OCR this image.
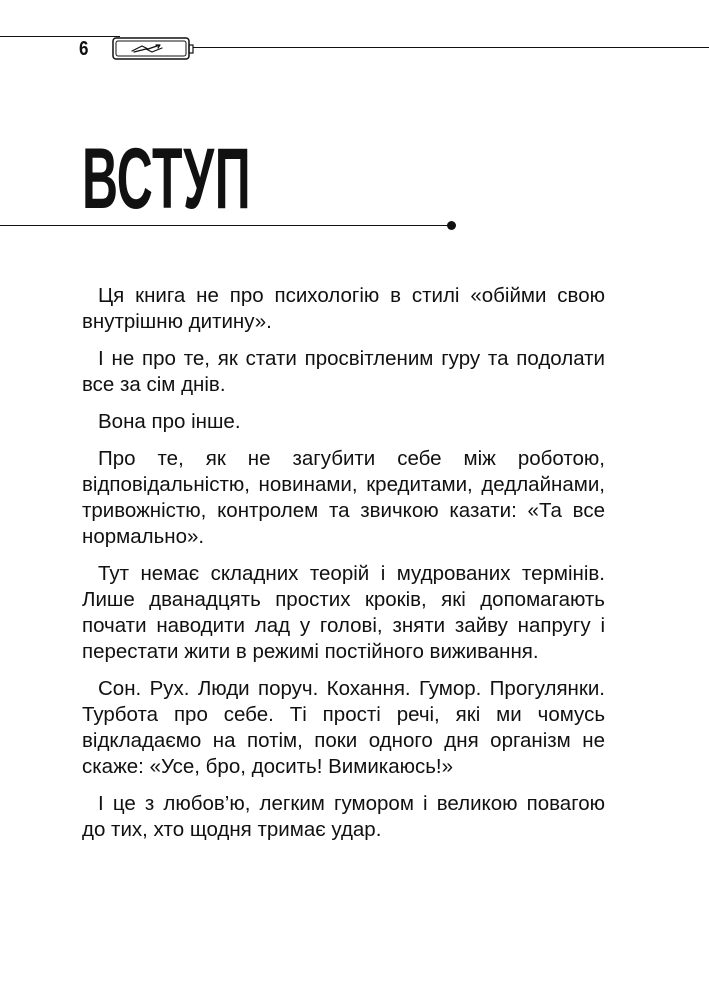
6
ВСТУП

Ця книга не про психологію в стилі «обійми свою внутрішню дитину».

І не про те, як стати просвітленим гуру та подолати все за сім днів.

Вона про інше.

Про те, як не загубити себе між роботою, відповідальністю, новинами, кредитами, дедлайнами, тривожністю, контролем та звичкою казати: «Та все нормально».

Тут немає складних теорій і мудрованих термінів. Лише дванадцять простих кроків, які допомагають почати наводити лад у голові, зняти зайву напругу і перестати жити в режимі постійного виживання.

Сон. Рух. Люди поруч. Кохання. Гумор. Прогулянки. Турбота про себе. Ті прості речі, які ми чомусь відкладаємо на потім, поки одного дня організм не скаже: «Усе, бро, досить! Вимикаюсь!»

І це з любов’ю, легким гумором і великою повагою до тих, хто щодня тримає удар.
